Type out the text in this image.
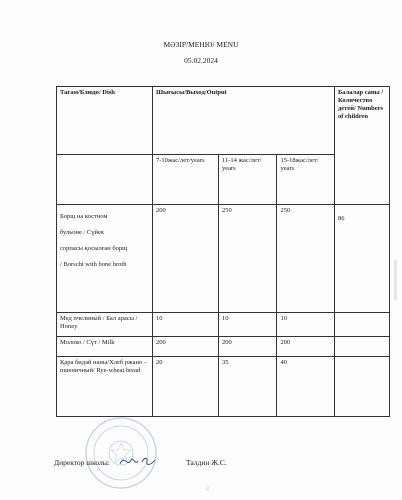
МӘЗІР/МЕНЮ/ MENU
05.02.2024
Тағам/Блюдо/ Dish	Шығысы/Выход/Output			Балалар саны /Количество детей/ Numbers of children
	7-10жас/лет/years	11-14 жас/лет/ years	15-18жас/лет/ years	

Борщ на костном
бульоне / Сүйек
сорпасы қосылған борщ
/ Borscht with bone broth	200	250	250	86
Мед пчелиный / Бал арасы / Honey	10	10	10	
Молоко / Сүт / Milk	200	200	200	
Қара бидай наны/Хлеб ржано – пшеничный/ Rye-wheat bread	20	35	40	
Директор школы:	Талдин Ж.С.
2
